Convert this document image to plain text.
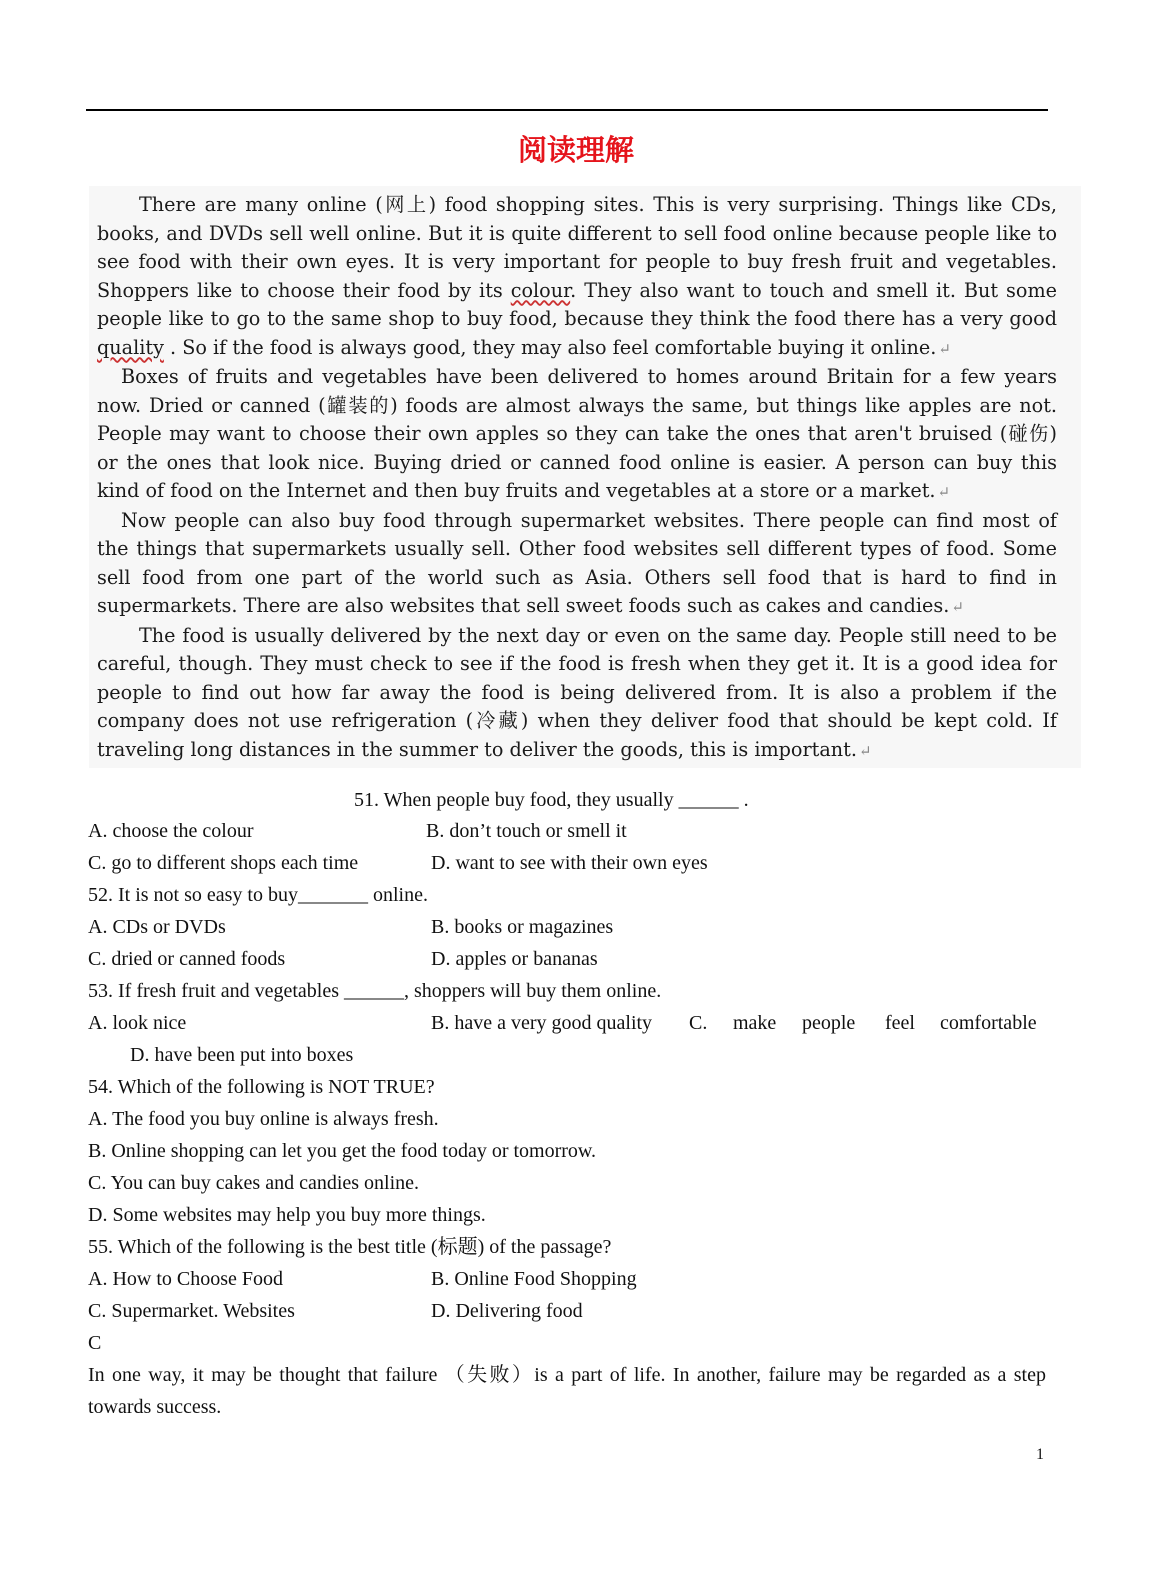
阅读理解

There are many online (网上) food shopping sites. This is very surprising. Things like CDs, books, and DVDs sell well online. But it is quite different to sell food online because people like to see food with their own eyes. It is very important for people to buy fresh fruit and vegetables. Shoppers like to choose their food by its colour. They also want to touch and smell it. But some people like to go to the same shop to buy food, because they think the food there has a very good quality . So if the food is always good, they may also feel comfortable buying it online. ↵

Boxes of fruits and vegetables have been delivered to homes around Britain for a few years now. Dried or canned (罐装的) foods are almost always the same, but things like apples are not. People may want to choose their own apples so they can take the ones that aren't bruised (碰伤) or the ones that look nice. Buying dried or canned food online is easier. A person can buy this kind of food on the Internet and then buy fruits and vegetables at a store or a market. ↵

Now people can also buy food through supermarket websites. There people can find most of the things that supermarkets usually sell. Other food websites sell different types of food. Some sell food from one part of the world such as Asia. Others sell food that is hard to find in supermarkets. There are also websites that sell sweet foods such as cakes and candies. ↵

The food is usually delivered by the next day or even on the same day. People still need to be careful, though. They must check to see if the food is fresh when they get it. It is a good idea for people to find out how far away the food is being delivered from. It is also a problem if the company does not use refrigeration (冷藏) when they deliver food that should be kept cold. If traveling long distances in the summer to deliver the goods, this is important. ↵

51. When people buy food, they usually ______ .
A. choose the colour	B. don’t touch or smell it
C. go to different shops each time	D. want to see with their own eyes
52. It is not so easy to buy_______ online.
A. CDs or DVDs	B. books or magazines
C. dried or canned foods	D. apples or bananas
53. If fresh fruit and vegetables ______, shoppers will buy them online.
A. look nice	B. have a very good quality C. make people feel comfortable
D. have been put into boxes
54. Which of the following is NOT TRUE?
A. The food you buy online is always fresh.
B. Online shopping can let you get the food today or tomorrow.
C. You can buy cakes and candies online.
D. Some websites may help you buy more things.
55. Which of the following is the best title (标题) of the passage?
A. How to Choose Food	B. Online Food Shopping
C. Supermarket. Websites	D. Delivering food
C
In one way, it may be thought that failure （失败）is a part of life. In another, failure may be regarded as a step towards success.
1
